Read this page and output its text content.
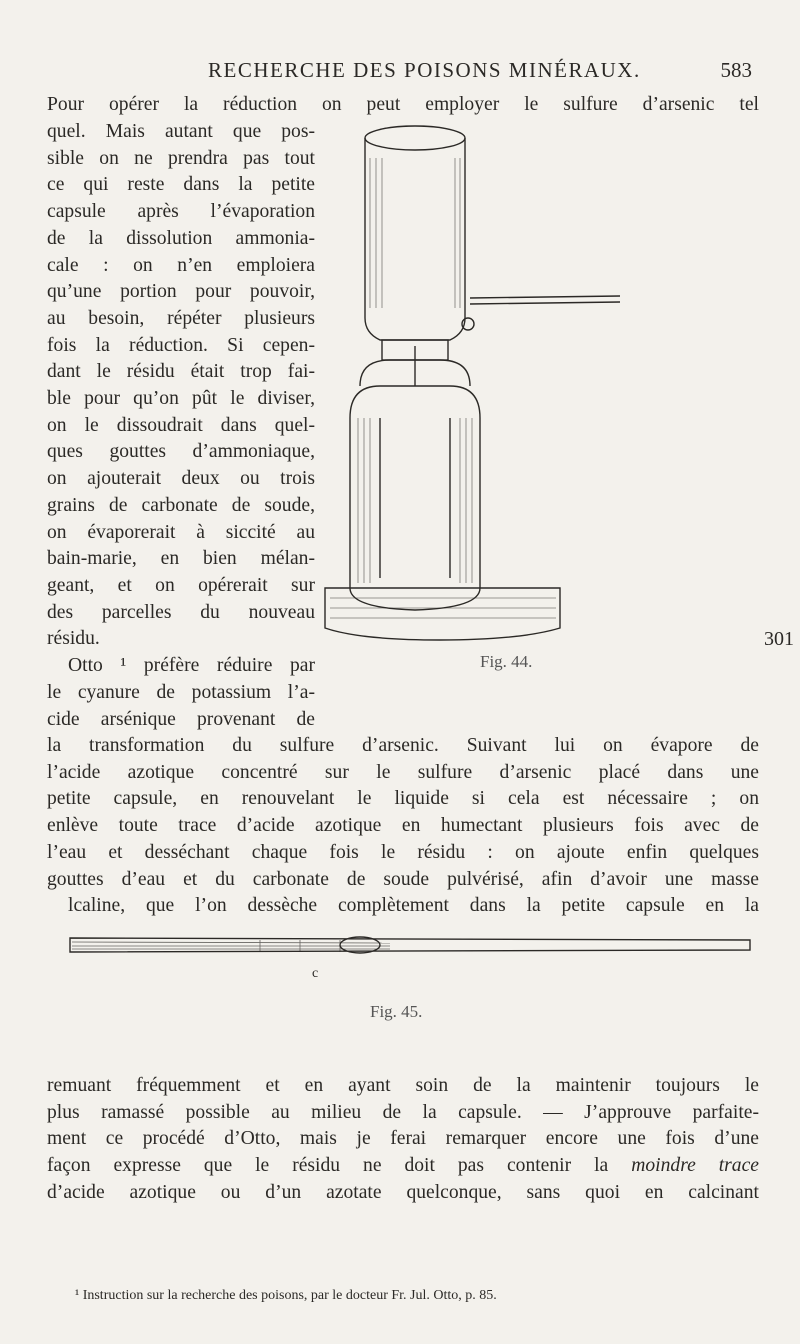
RECHERCHE DES POISONS MINÉRAUX.	583
Pour opérer la réduction on peut employer le sulfure d’arsenic tel
quel. Mais autant que pos-
sible on ne prendra pas tout
ce qui reste dans la petite
capsule après l’évaporation
de la dissolution ammonia-
cale : on n’en emploiera
qu’une portion pour pouvoir,
au besoin, répéter plusieurs
fois la réduction. Si cepen-
dant le résidu était trop fai-
ble pour qu’on pût le diviser,
on le dissoudrait dans quel-
ques gouttes d’ammoniaque,
on ajouterait deux ou trois
grains de carbonate de soude,
on évaporerait à siccité au
bain-marie, en bien mélan-
geant, et on opérerait sur
des parcelles du nouveau
résidu.
Otto ¹ préfère réduire par
le cyanure de potassium l’a-
cide arsénique provenant de
la transformation du sulfure d’arsenic. Suivant lui on évapore de
l’acide azotique concentré sur le sulfure d’arsenic placé dans une
petite capsule, en renouvelant le liquide si cela est nécessaire ; on
enlève toute trace d’acide azotique en humectant plusieurs fois avec de
l’eau et desséchant chaque fois le résidu : on ajoute enfin quelques
gouttes d’eau et du carbonate de soude pulvérisé, afin d’avoir une masse
lcaline, que l’on dessèche complètement dans la petite capsule en la
remuant fréquemment et en ayant soin de la maintenir toujours le
plus ramassé possible au milieu de la capsule. — J’approuve parfaite-
ment ce procédé d’Otto, mais je ferai remarquer encore une fois d’une
façon expresse que le résidu ne doit pas contenir la moindre trace
d’acide azotique ou d’un azotate quelconque, sans quoi en calcinant
Fig. 44.
301
c
Fig. 45.
¹ Instruction sur la recherche des poisons, par le docteur Fr. Jul. Otto, p. 85.
